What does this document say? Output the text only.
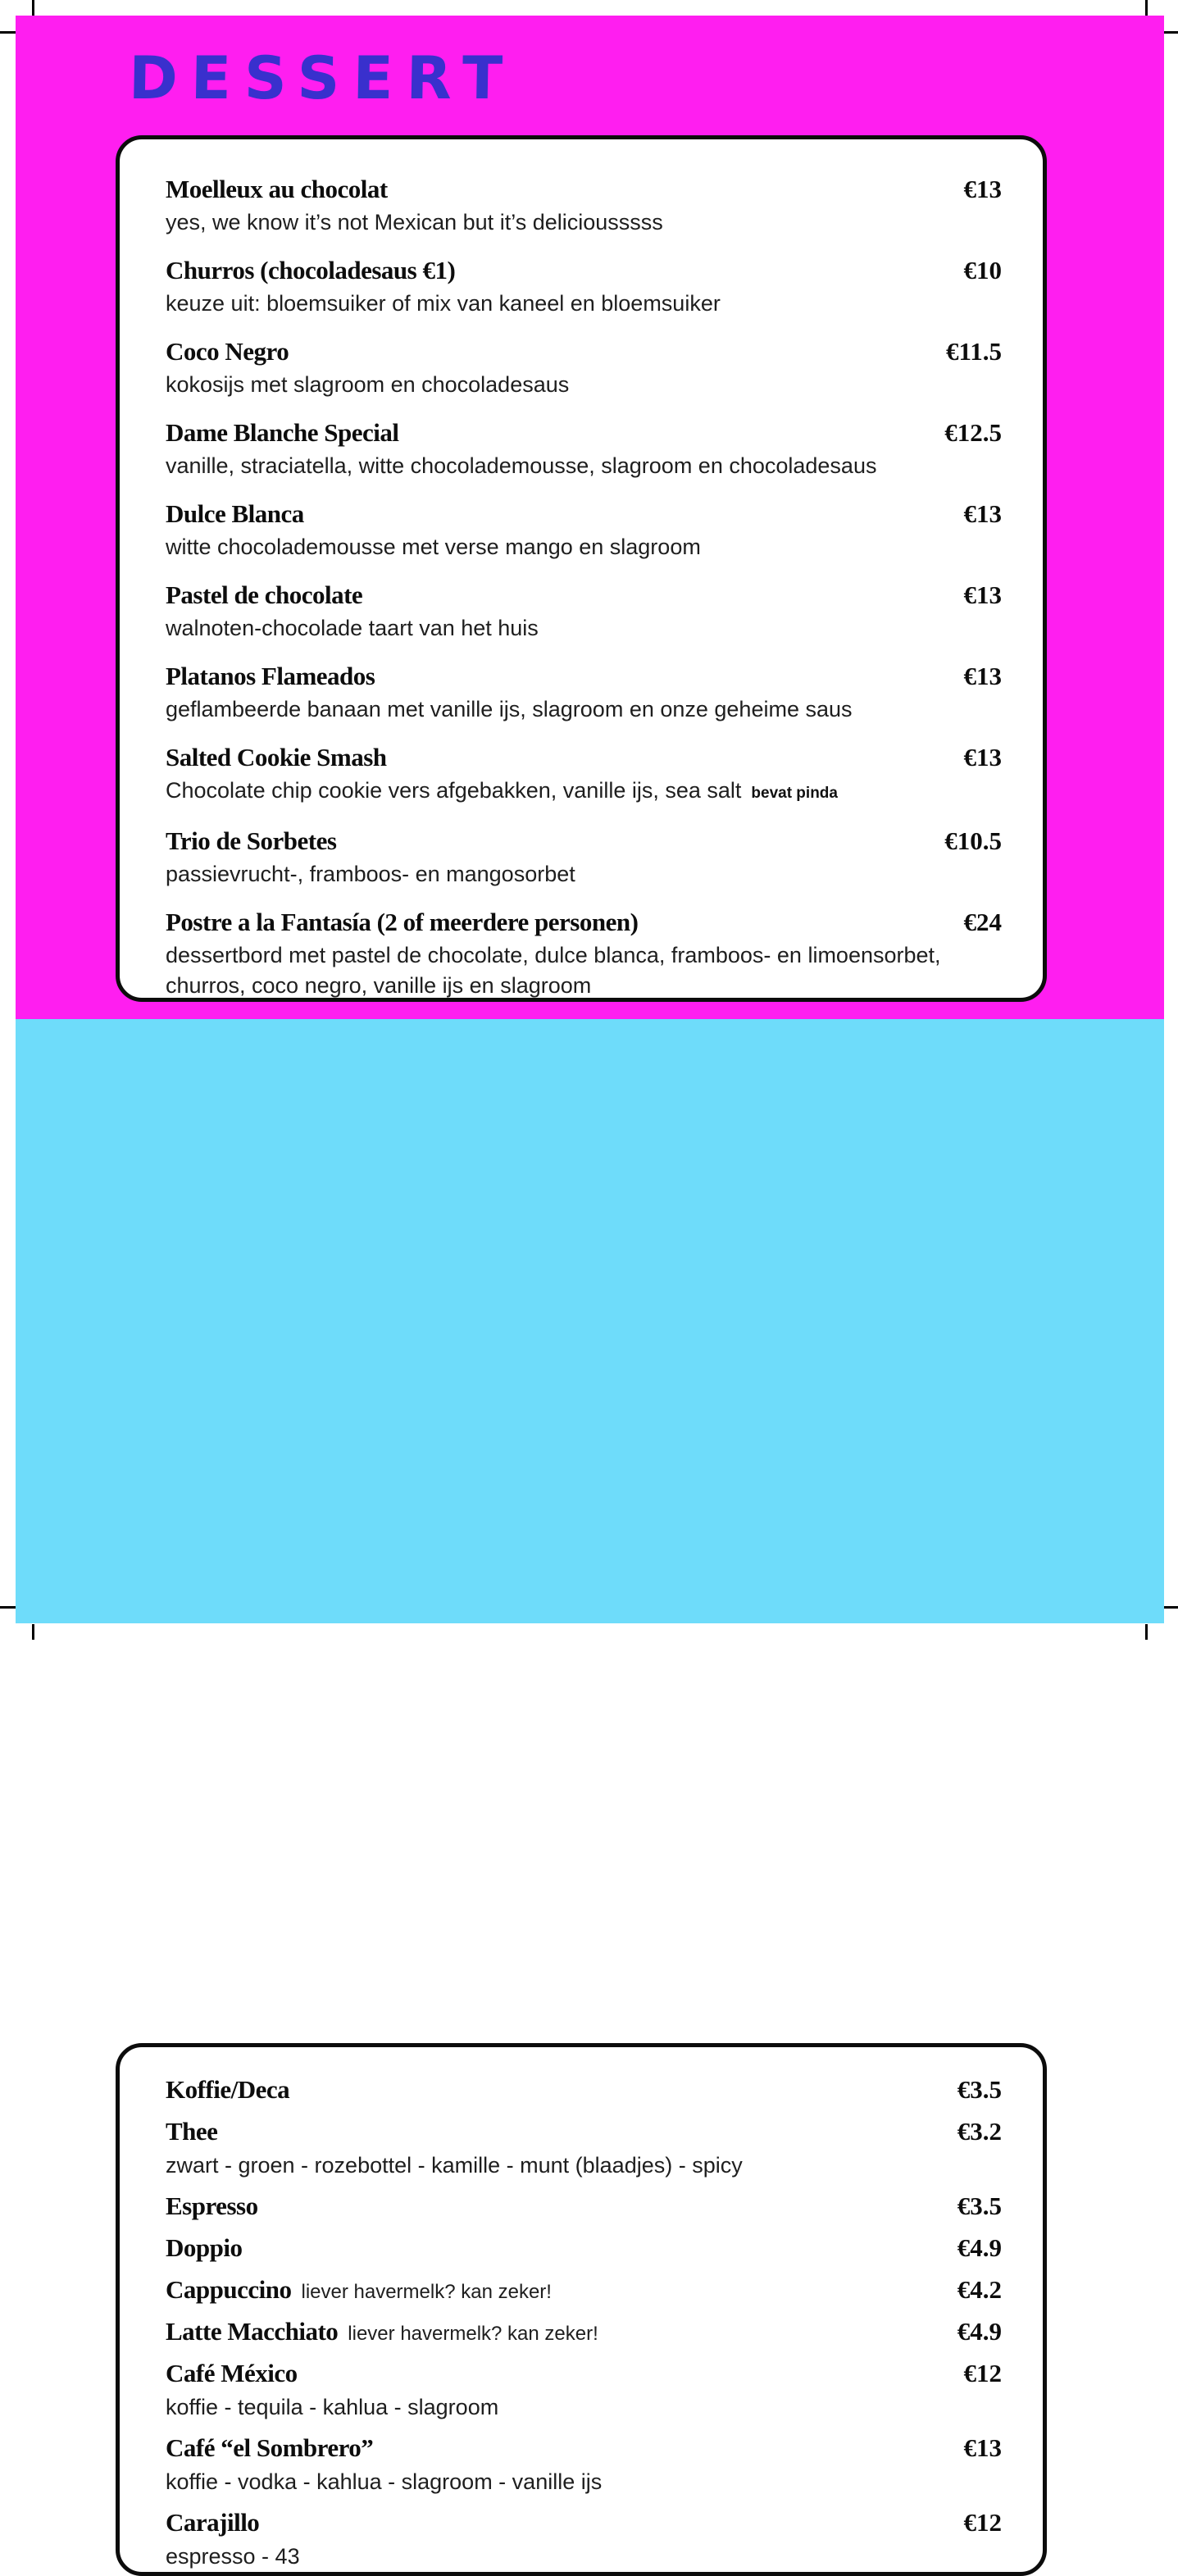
DESSERT
Moelleux au chocolat	€13
yes, we know it’s not Mexican but it’s deliciousssss
Churros (chocoladesaus €1)	€10
keuze uit: bloemsuiker of mix van kaneel en bloemsuiker
Coco Negro	€11.5
kokosijs met slagroom en chocoladesaus
Dame Blanche Special	€12.5
vanille, straciatella, witte chocolademousse, slagroom en chocoladesaus
Dulce Blanca	€13
witte chocolademousse met verse mango en slagroom
Pastel de chocolate	€13
walnoten-chocolade taart van het huis
Platanos Flameados	€13
geflambeerde banaan met vanille ijs, slagroom en onze geheime saus
Salted Cookie Smash	€13
Chocolate chip cookie vers afgebakken, vanille ijs, sea salt bevat pinda
Trio de Sorbetes	€10.5
passievrucht-, framboos- en mangosorbet
Postre a la Fantasía (2 of meerdere personen)	€24
dessertbord met pastel de chocolate, dulce blanca, framboos- en limoensorbet, churros, coco negro, vanille ijs en slagroom
Koffie/Deca	€3.5
Thee	€3.2
zwart - groen - rozebottel - kamille - munt (blaadjes) - spicy
Espresso	€3.5
Doppio	€4.9
Cappuccino liever havermelk? kan zeker!	€4.2
Latte Macchiato liever havermelk? kan zeker!	€4.9
Café México	€12
koffie - tequila - kahlua - slagroom
Café “el Sombrero”	€13
koffie - vodka - kahlua - slagroom - vanille ijs
Carajillo	€12
espresso - 43
